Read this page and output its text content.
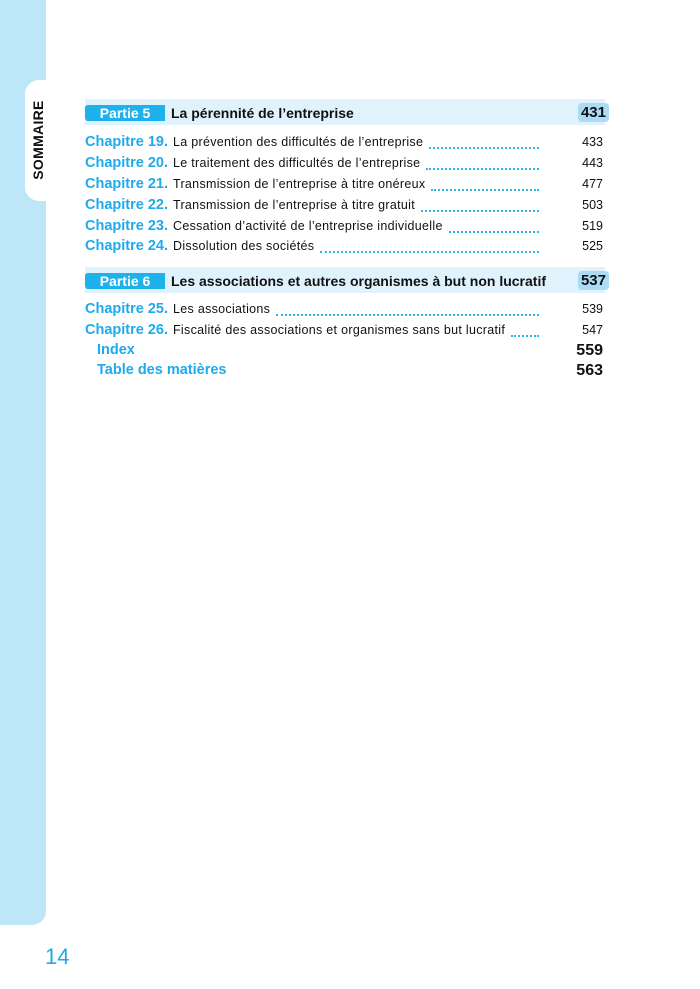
SOMMAIRE	Partie 5	La pérennité de l’entreprise	431
Chapitre 19. La prévention des difficultés de l’entreprise	433
Chapitre 20. Le traitement des difficultés de l’entreprise	443
Chapitre 21. Transmission de l’entreprise à titre onéreux	477
Chapitre 22. Transmission de l’entreprise à titre gratuit	503
Chapitre 23. Cessation d’activité de l’entreprise individuelle	519
Chapitre 24. Dissolution des sociétés	525
Partie 6	Les associations et autres organismes à but non lucratif 537
Chapitre 25. Les associations	539
Chapitre 26. Fiscalité des associations et organismes sans but lucratif	547
Index	559
Table des matières	563
14
